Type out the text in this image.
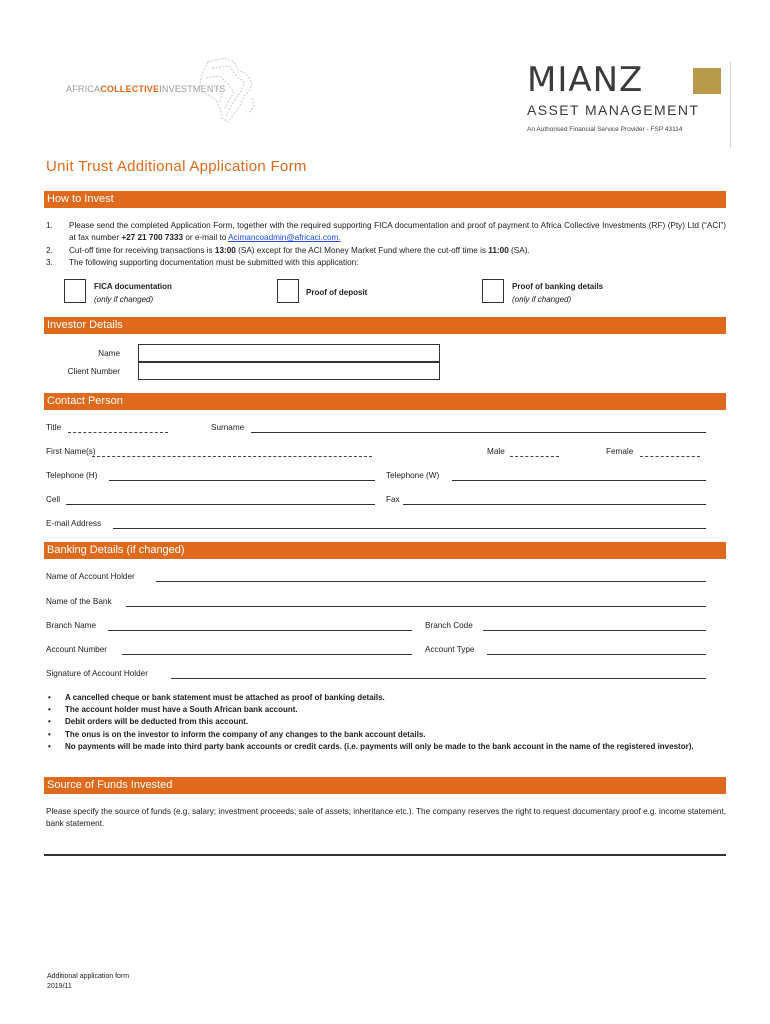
AFRICACOLLECTIVEINVESTMENTS	MIANZ
ASSET MANAGEMENT
An Authorised Financial Service Provider - FSP 43114
Unit Trust Additional Application Form
How to Invest
1.	Please send the completed Application Form, together with the required supporting FICA documentation and proof of payment to Africa Collective Investments (RF) (Pty) Ltd (“ACI”) at fax number +27 21 700 7333 or e-mail to Acimancoadmin@africaci.com.
2.	Cut-off time for receiving transactions is 13:00 (SA) except for the ACI Money Market Fund where the cut-off time is 11:00 (SA).
3.	The following supporting documentation must be submitted with this application:
FICA documentation
(only if changed)
Proof of deposit
Proof of banking details
(only if changed)
Investor Details
Name
Client Number
Contact Person
Title	Surname
First Name(s)	Male	Female
Telephone (H)	Telephone (W)
Cell	Fax
E-mail Address
Banking Details (if changed)
Name of Account Holder
Name of the Bank
Branch Name	Branch Code
Account Number	Account Type
Signature of Account Holder
•	A cancelled cheque or bank statement must be attached as proof of banking details.
•	The account holder must have a South African bank account.
•	Debit orders will be deducted from this account.
•	The onus is on the investor to inform the company of any changes to the bank account details.
•	No payments will be made into third party bank accounts or credit cards. (i.e. payments will only be made to the bank account in the name of the registered investor).
Source of Funds Invested
Please specify the source of funds (e.g. salary; investment proceeds; sale of assets; inheritance etc.). The company reserves the right to request documentary proof e.g. income statement, bank statement.
Additional application form
2019/11
